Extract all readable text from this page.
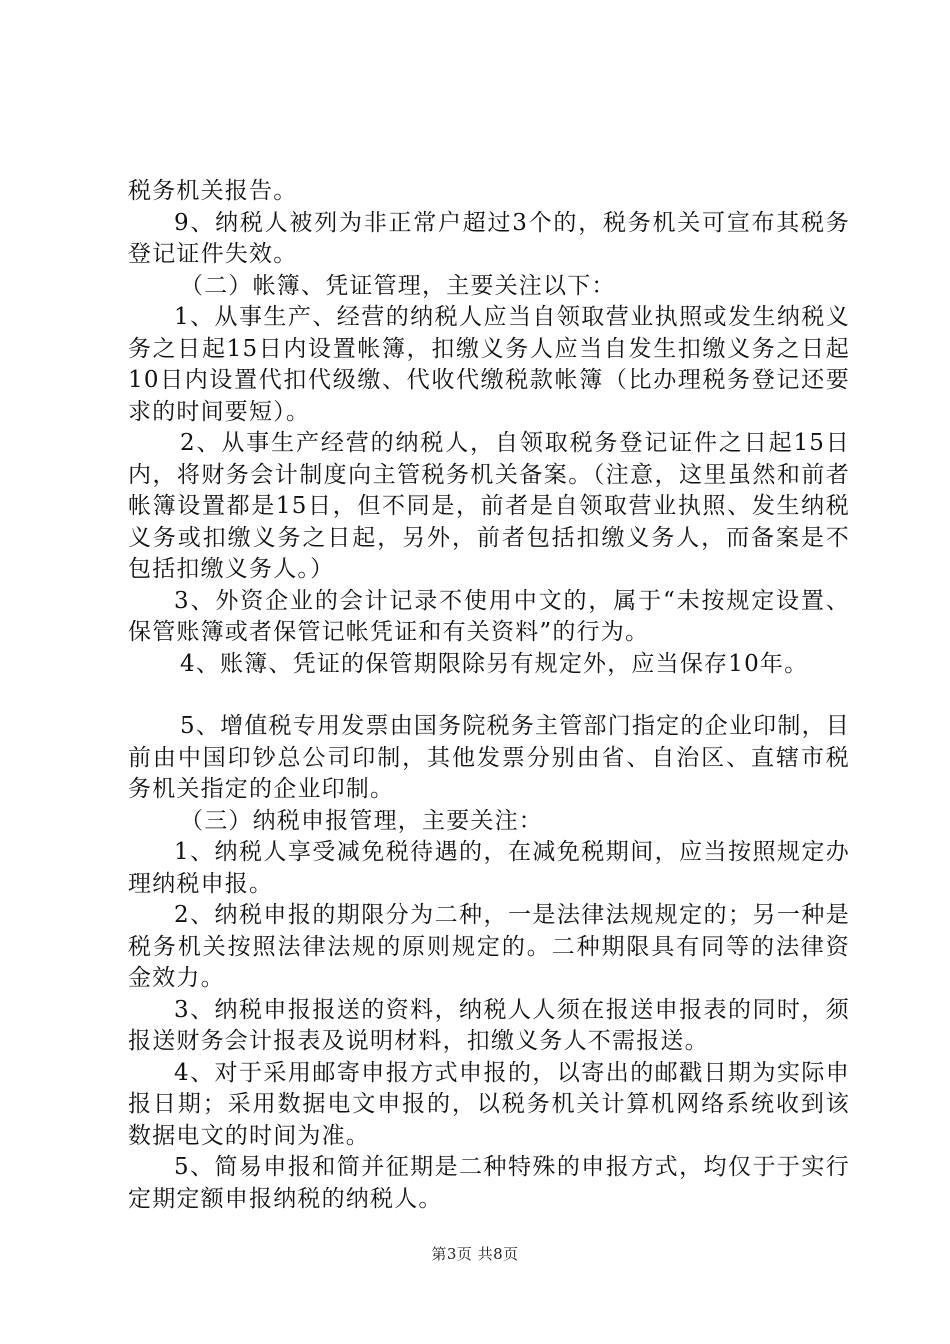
税务机关报告。

9、纳税人被列为非正常户超过3个的，税务机关可宣布其税务登记证件失效。

（二）帐簿、凭证管理，主要关注以下：

1、从事生产、经营的纳税人应当自领取营业执照或发生纳税义务之日起15日内设置帐簿，扣缴义务人应当自发生扣缴义务之日起10日内设置代扣代级缴、代收代缴税款帐簿（比办理税务登记还要求的时间要短）。

2、从事生产经营的纳税人，自领取税务登记证件之日起15日内，将财务会计制度向主管税务机关备案。（注意，这里虽然和前者帐簿设置都是15日，但不同是，前者是自领取营业执照、发生纳税义务或扣缴义务之日起，另外，前者包括扣缴义务人，而备案是不包括扣缴义务人。）

3、外资企业的会计记录不使用中文的，属于“未按规定设置、保管账簿或者保管记帐凭证和有关资料”的行为。

4、账簿、凭证的保管期限除另有规定外，应当保存10年。

5、增值税专用发票由国务院税务主管部门指定的企业印制，目前由中国印钞总公司印制，其他发票分别由省、自治区、直辖市税务机关指定的企业印制。

（三）纳税申报管理，主要关注：

1、纳税人享受减免税待遇的，在减免税期间，应当按照规定办理纳税申报。

2、纳税申报的期限分为二种，一是法律法规规定的；另一种是税务机关按照法律法规的原则规定的。二种期限具有同等的法律资金效力。

3、纳税申报报送的资料，纳税人人须在报送申报表的同时，须报送财务会计报表及说明材料，扣缴义务人不需报送。

4、对于采用邮寄申报方式申报的，以寄出的邮戳日期为实际申报日期；采用数据电文申报的，以税务机关计算机网络系统收到该数据电文的时间为准。

5、简易申报和简并征期是二种特殊的申报方式，均仅于于实行定期定额申报纳税的纳税人。

第3页 共8页
